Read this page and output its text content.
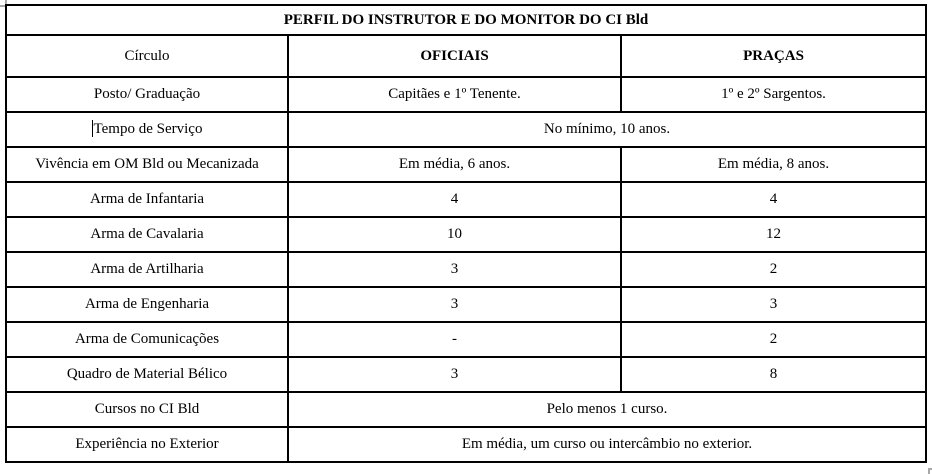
PERFIL DO INSTRUTOR E DO MONITOR DO CI Bld		
Círculo	OFICIAIS	PRAÇAS
Posto/ Graduação	Capitães e 1º Tenente.	1º e 2º Sargentos.
Tempo de Serviço	No mínimo, 10 anos.	
Vivência em OM Bld ou Mecanizada	Em média, 6 anos.	Em média, 8 anos.
Arma de Infantaria	4	4
Arma de Cavalaria	10	12
Arma de Artilharia	3	2
Arma de Engenharia	3	3
Arma de Comunicações	-	2
Quadro de Material Bélico	3	8
Cursos no CI Bld	Pelo menos 1 curso.	
Experiência no Exterior	Em média, um curso ou intercâmbio no exterior.	
